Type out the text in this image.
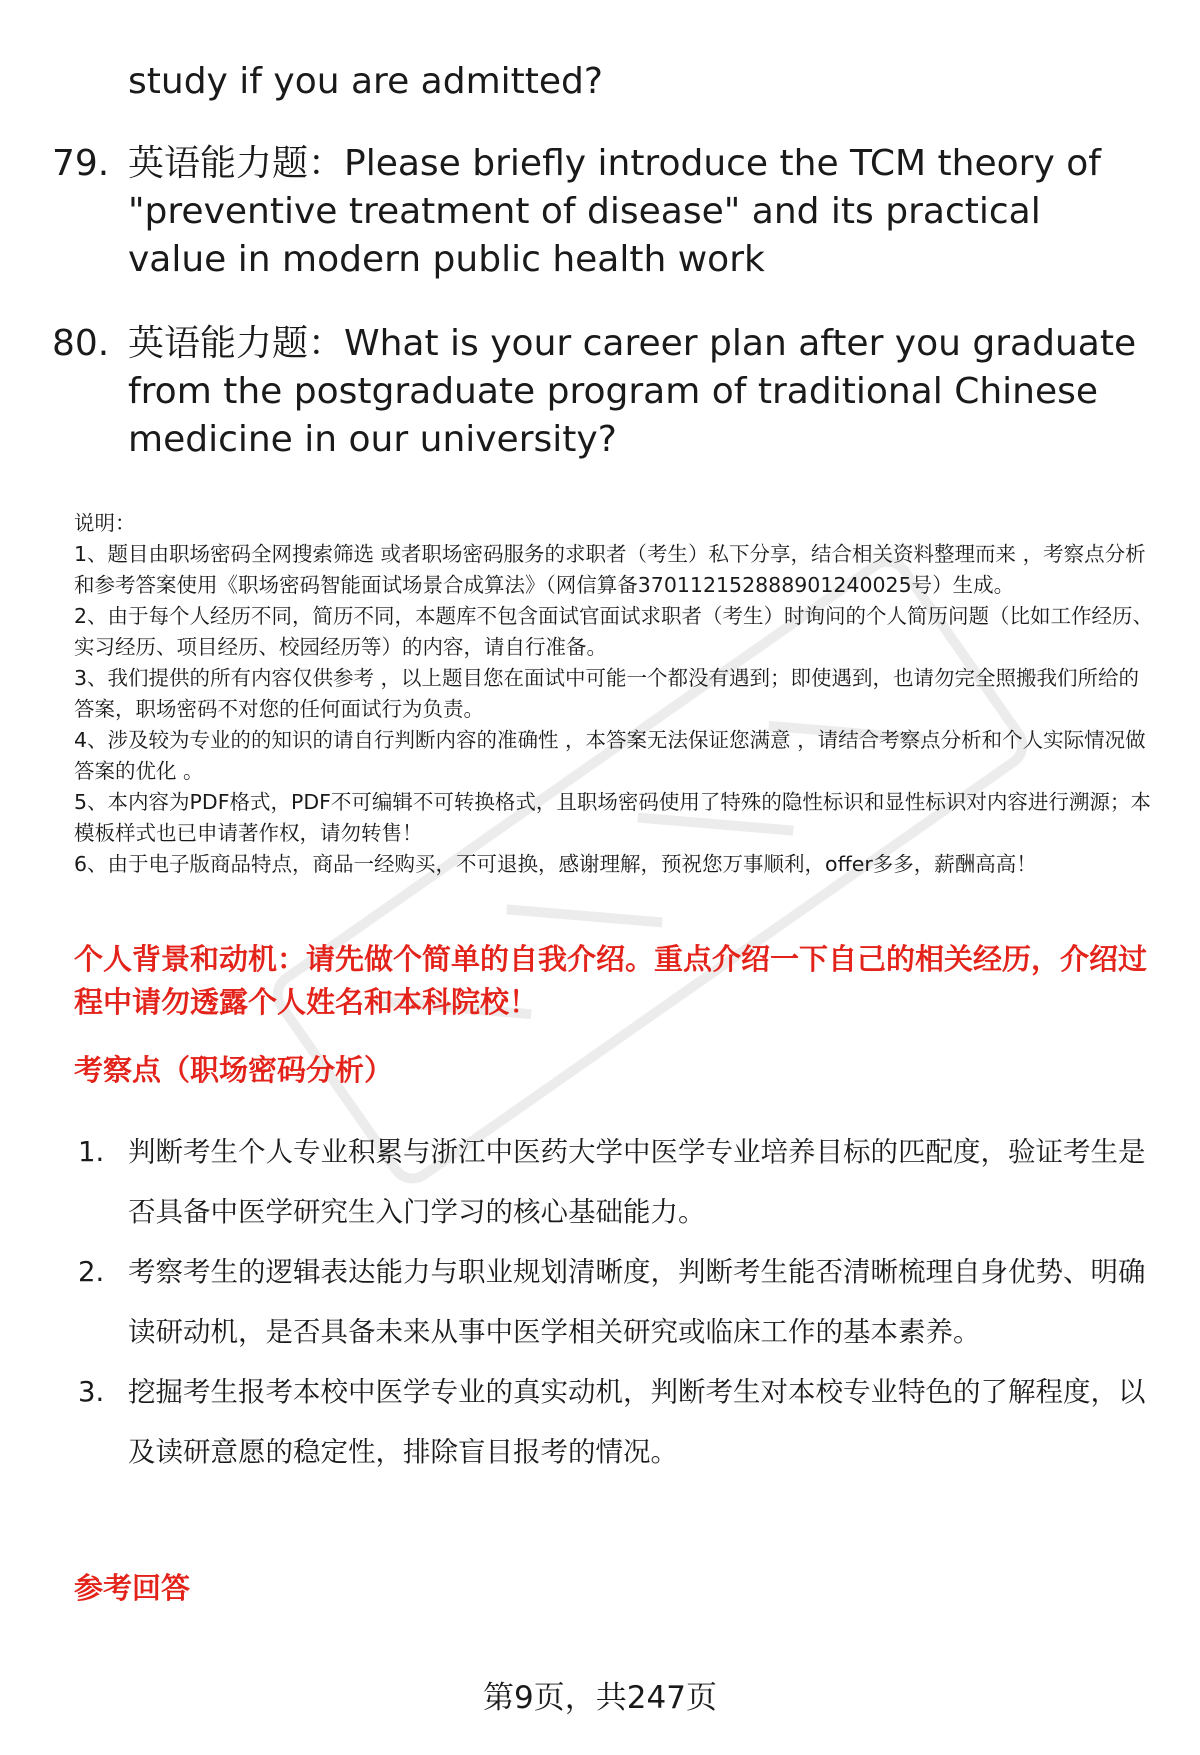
study if you are admitted?
79. 英语能力题：Please briefly introduce the TCM theory of "preventive treatment of disease" and its practical value in modern public health work
80. 英语能力题：What is your career plan after you graduate from the postgraduate program of traditional Chinese medicine in our university?

说明：

1、题目由职场密码全网搜索筛选 或者职场密码服务的求职者（考生）私下分享，结合相关资料整理而来 ，考察点分析和参考答案使用《职场密码智能面试场景合成算法》（网信算备370112152888901240025号）生成。

2、由于每个人经历不同，简历不同，本题库不包含面试官面试求职者（考生）时询问的个人简历问题（比如工作经历、实习经历、项目经历、校园经历等）的内容，请自行准备。

3、我们提供的所有内容仅供参考 ，以上题目您在面试中可能一个都没有遇到；即使遇到，也请勿完全照搬我们所给的答案，职场密码不对您的任何面试行为负责。

4、涉及较为专业的的知识的请自行判断内容的准确性 ，本答案无法保证您满意 ，请结合考察点分析和个人实际情况做答案的优化 。

5、本内容为PDF格式，PDF不可编辑不可转换格式，且职场密码使用了特殊的隐性标识和显性标识对内容进行溯源；本模板样式也已申请著作权，请勿转售！

6、由于电子版商品特点，商品一经购买，不可退换，感谢理解，预祝您万事顺利，offer多多，薪酬高高！

个人背景和动机：请先做个简单的自我介绍。重点介绍一下自己的相关经历，介绍过程中请勿透露个人姓名和本科院校！
考察点（职场密码分析）
1. 判断考生个人专业积累与浙江中医药大学中医学专业培养目标的匹配度，验证考生是否具备中医学研究生入门学习的核心基础能力。
2. 考察考生的逻辑表达能力与职业规划清晰度，判断考生能否清晰梳理自身优势、明确读研动机，是否具备未来从事中医学相关研究或临床工作的基本素养。
3. 挖掘考生报考本校中医学专业的真实动机，判断考生对本校专业特色的了解程度，以及读研意愿的稳定性，排除盲目报考的情况。
参考回答
第9页，共247页
